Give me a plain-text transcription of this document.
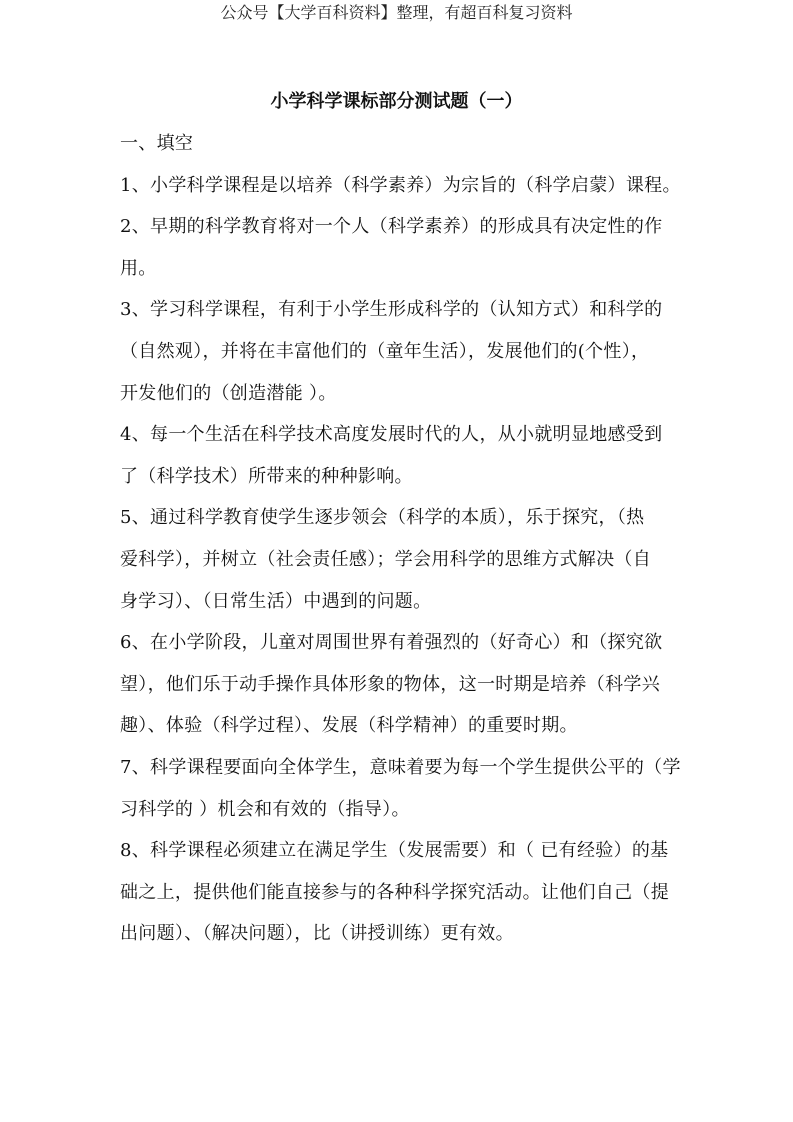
公众号【大学百科资料】整理，有超百科复习资料
小学科学课标部分测试题（一）
一、填空
1、小学科学课程是以培养（科学素养）为宗旨的（科学启蒙）课程。
2、早期的科学教育将对一个人（科学素养）的形成具有决定性的作
用。
3、学习科学课程，有利于小学生形成科学的（认知方式）和科学的
（自然观），并将在丰富他们的（童年生活），发展他们的(个性），
开发他们的（创造潜能 ）。
4、每一个生活在科学技术高度发展时代的人，从小就明显地感受到
了（科学技术）所带来的种种影响。
5、通过科学教育使学生逐步领会（科学的本质），乐于探究，（热
爱科学），并树立（社会责任感）；学会用科学的思维方式解决（自
身学习）、（日常生活）中遇到的问题。
6、在小学阶段，儿童对周围世界有着强烈的（好奇心）和（探究欲
望），他们乐于动手操作具体形象的物体，这一时期是培养（科学兴
趣）、体验（科学过程）、发展（科学精神）的重要时期。
7、科学课程要面向全体学生，意味着要为每一个学生提供公平的（学
习科学的 ）机会和有效的（指导）。
8、科学课程必须建立在满足学生（发展需要）和（ 已有经验）的基
础之上，提供他们能直接参与的各种科学探究活动。让他们自己（提
出问题）、（解决问题），比（讲授训练）更有效。
